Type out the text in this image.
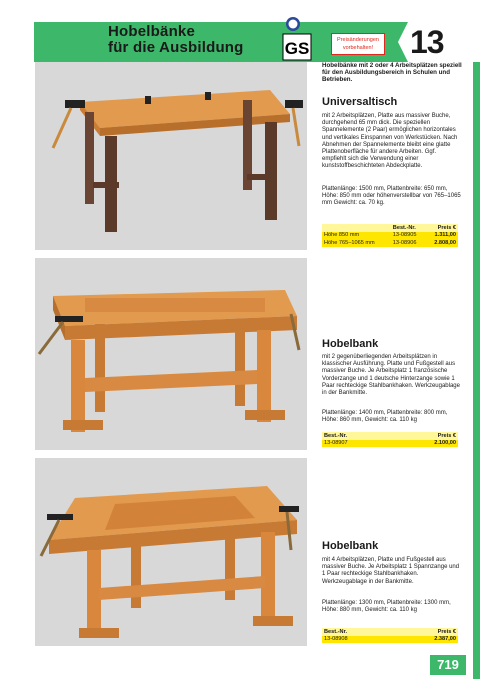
Hobelbänke
für die Ausbildung GS	Preisänderungen vorbehalten!	13
Hobelbänke mit 2 oder 4 Arbeitsplätzen speziell für den Ausbildungsbereich in Schulen und Betrieben.
Universaltisch
mit 2 Arbeitsplätzen, Platte aus massiver Buche, durchgehend 65 mm dick. Die speziellen Spannelemente (2 Paar) ermöglichen horizontales und vertikales Einspannen von Werkstücken. Nach Abnehmen der Spannelemente bleibt eine glatte Plattenoberfläche für andere Arbeiten. Ggf. empfiehlt sich die Verwendung einer kunststoffbeschichteten Abdeckplatte.
Plattenlänge: 1500 mm, Plattenbreite: 650 mm, Höhe: 850 mm oder höhenverstellbar von 765–1065 mm Gewicht: ca. 70 kg.
	Best.-Nr.	Preis €
Höhe 850 mm	13-08905	1.311,00
Höhe 765–1065 mm	13-08906	2.808,00
Hobelbank
mit 2 gegenüberliegenden Arbeitsplätzen in klassischer Ausführung. Platte und Fußgestell aus massiver Buche. Je Arbeitsplatz 1 französische Vorderzange und 1 deutsche Hinterzange sowie 1 Paar rechteckige Stahlbankhaken. Werkzeugablage in der Bankmitte.
Plattenlänge: 1400 mm, Plattenbreite: 800 mm, Höhe: 860 mm, Gewicht: ca. 110 kg
Best.-Nr.	Preis €
13-08907	2.100,00
Hobelbank
mit 4 Arbeitsplätzen, Platte und Fußgestell aus massiver Buche. Je Arbeitsplatz 1 Spannzange und 1 Paar rechteckige Stahlbankhaken. Werkzeugablage in der Bankmitte.
Plattenlänge: 1300 mm, Plattenbreite: 1300 mm, Höhe: 880 mm, Gewicht: ca. 110 kg
Best.-Nr.	Preis €
13-08908	2.387,00
719
